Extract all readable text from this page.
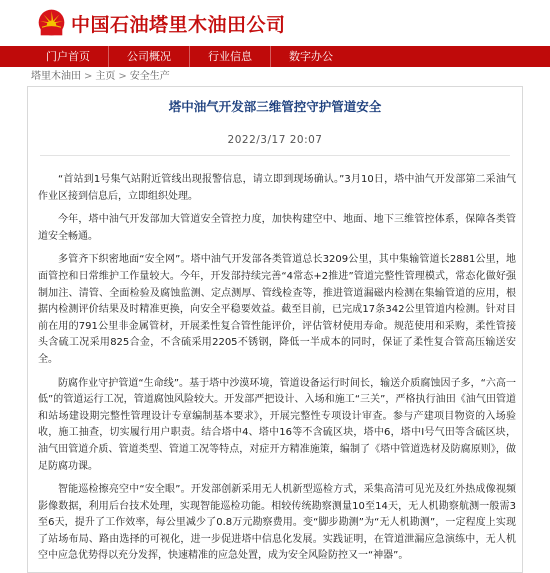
中国石油塔里木油田公司
门户首页	公司概况	行业信息	数字办公
塔里木油田 > 主页 > 安全生产
塔中油气开发部三维管控守护管道安全
2022/3/17 20:07

“首站到1号集气站附近管线出现报警信息，请立即到现场确认。”3月10日，塔中油气开发部第二采油气作业区接到信息后，立即组织处理。

今年，塔中油气开发部加大管道安全管控力度，加快构建空中、地面、地下三维管控体系，保障各类管道安全畅通。

多管齐下织密地面“安全网”。塔中油气开发部各类管道总长3209公里，其中集输管道长2881公里，地面管控和日常维护工作量较大。今年，开发部持续完善“4常态+2推进”管道完整性管理模式，常态化做好强制加注、清管、全面检验及腐蚀监测、定点测厚、管线检查等，推进管道漏磁内检测在集输管道的应用，根据内检测评价结果及时精准更换，向安全平稳要效益。截至目前，已完成17条342公里管道内检测。针对目前在用的791公里非金属管材，开展柔性复合管性能评价，评估管材使用寿命。规范使用和采购，柔性管接头含硫工况采用825合金，不含硫采用2205不锈钢，降低一半成本的同时，保证了柔性复合管高压输送安全。

防腐作业守护管道“生命线”。基于塔中沙漠环境，管道设备运行时间长，输送介质腐蚀因子多，“六高一低”的管道运行工况，管道腐蚀风险较大。开发部严把设计、入场和施工“三关”，严格执行油田《油气田管道和站场建设期完整性管理设计专章编制基本要求》，开展完整性专项设计审查。参与产建项目物资的入场验收，施工抽查，切实履行用户职责。结合塔中4、塔中16等不含硫区块，塔中6，塔中Ⅰ号气田等含硫区块，油气田管道介质、管道类型、管道工况等特点，对症开方精准施策，编制了《塔中管道选材及防腐原则》，做足防腐功课。

智能巡检擦亮空中“安全眼”。开发部创新采用无人机新型巡检方式，采集高清可见光及红外热成像视频影像数据，利用后台技术处理，实现智能巡检功能。相较传统勘察测量10至14天，无人机勘察航测一般需3至6天，提升了工作效率，每公里减少了0.8万元勘察费用。变“脚步勘测”为“无人机勘测”，一定程度上实现了站场布局、路由选择的可视化，进一步促进塔中信息化发展。实践证明，在管道泄漏应急演练中，无人机空中应急优势得以充分发挥，快速精准的应急处置，成为安全风险防控又一“神器”。
